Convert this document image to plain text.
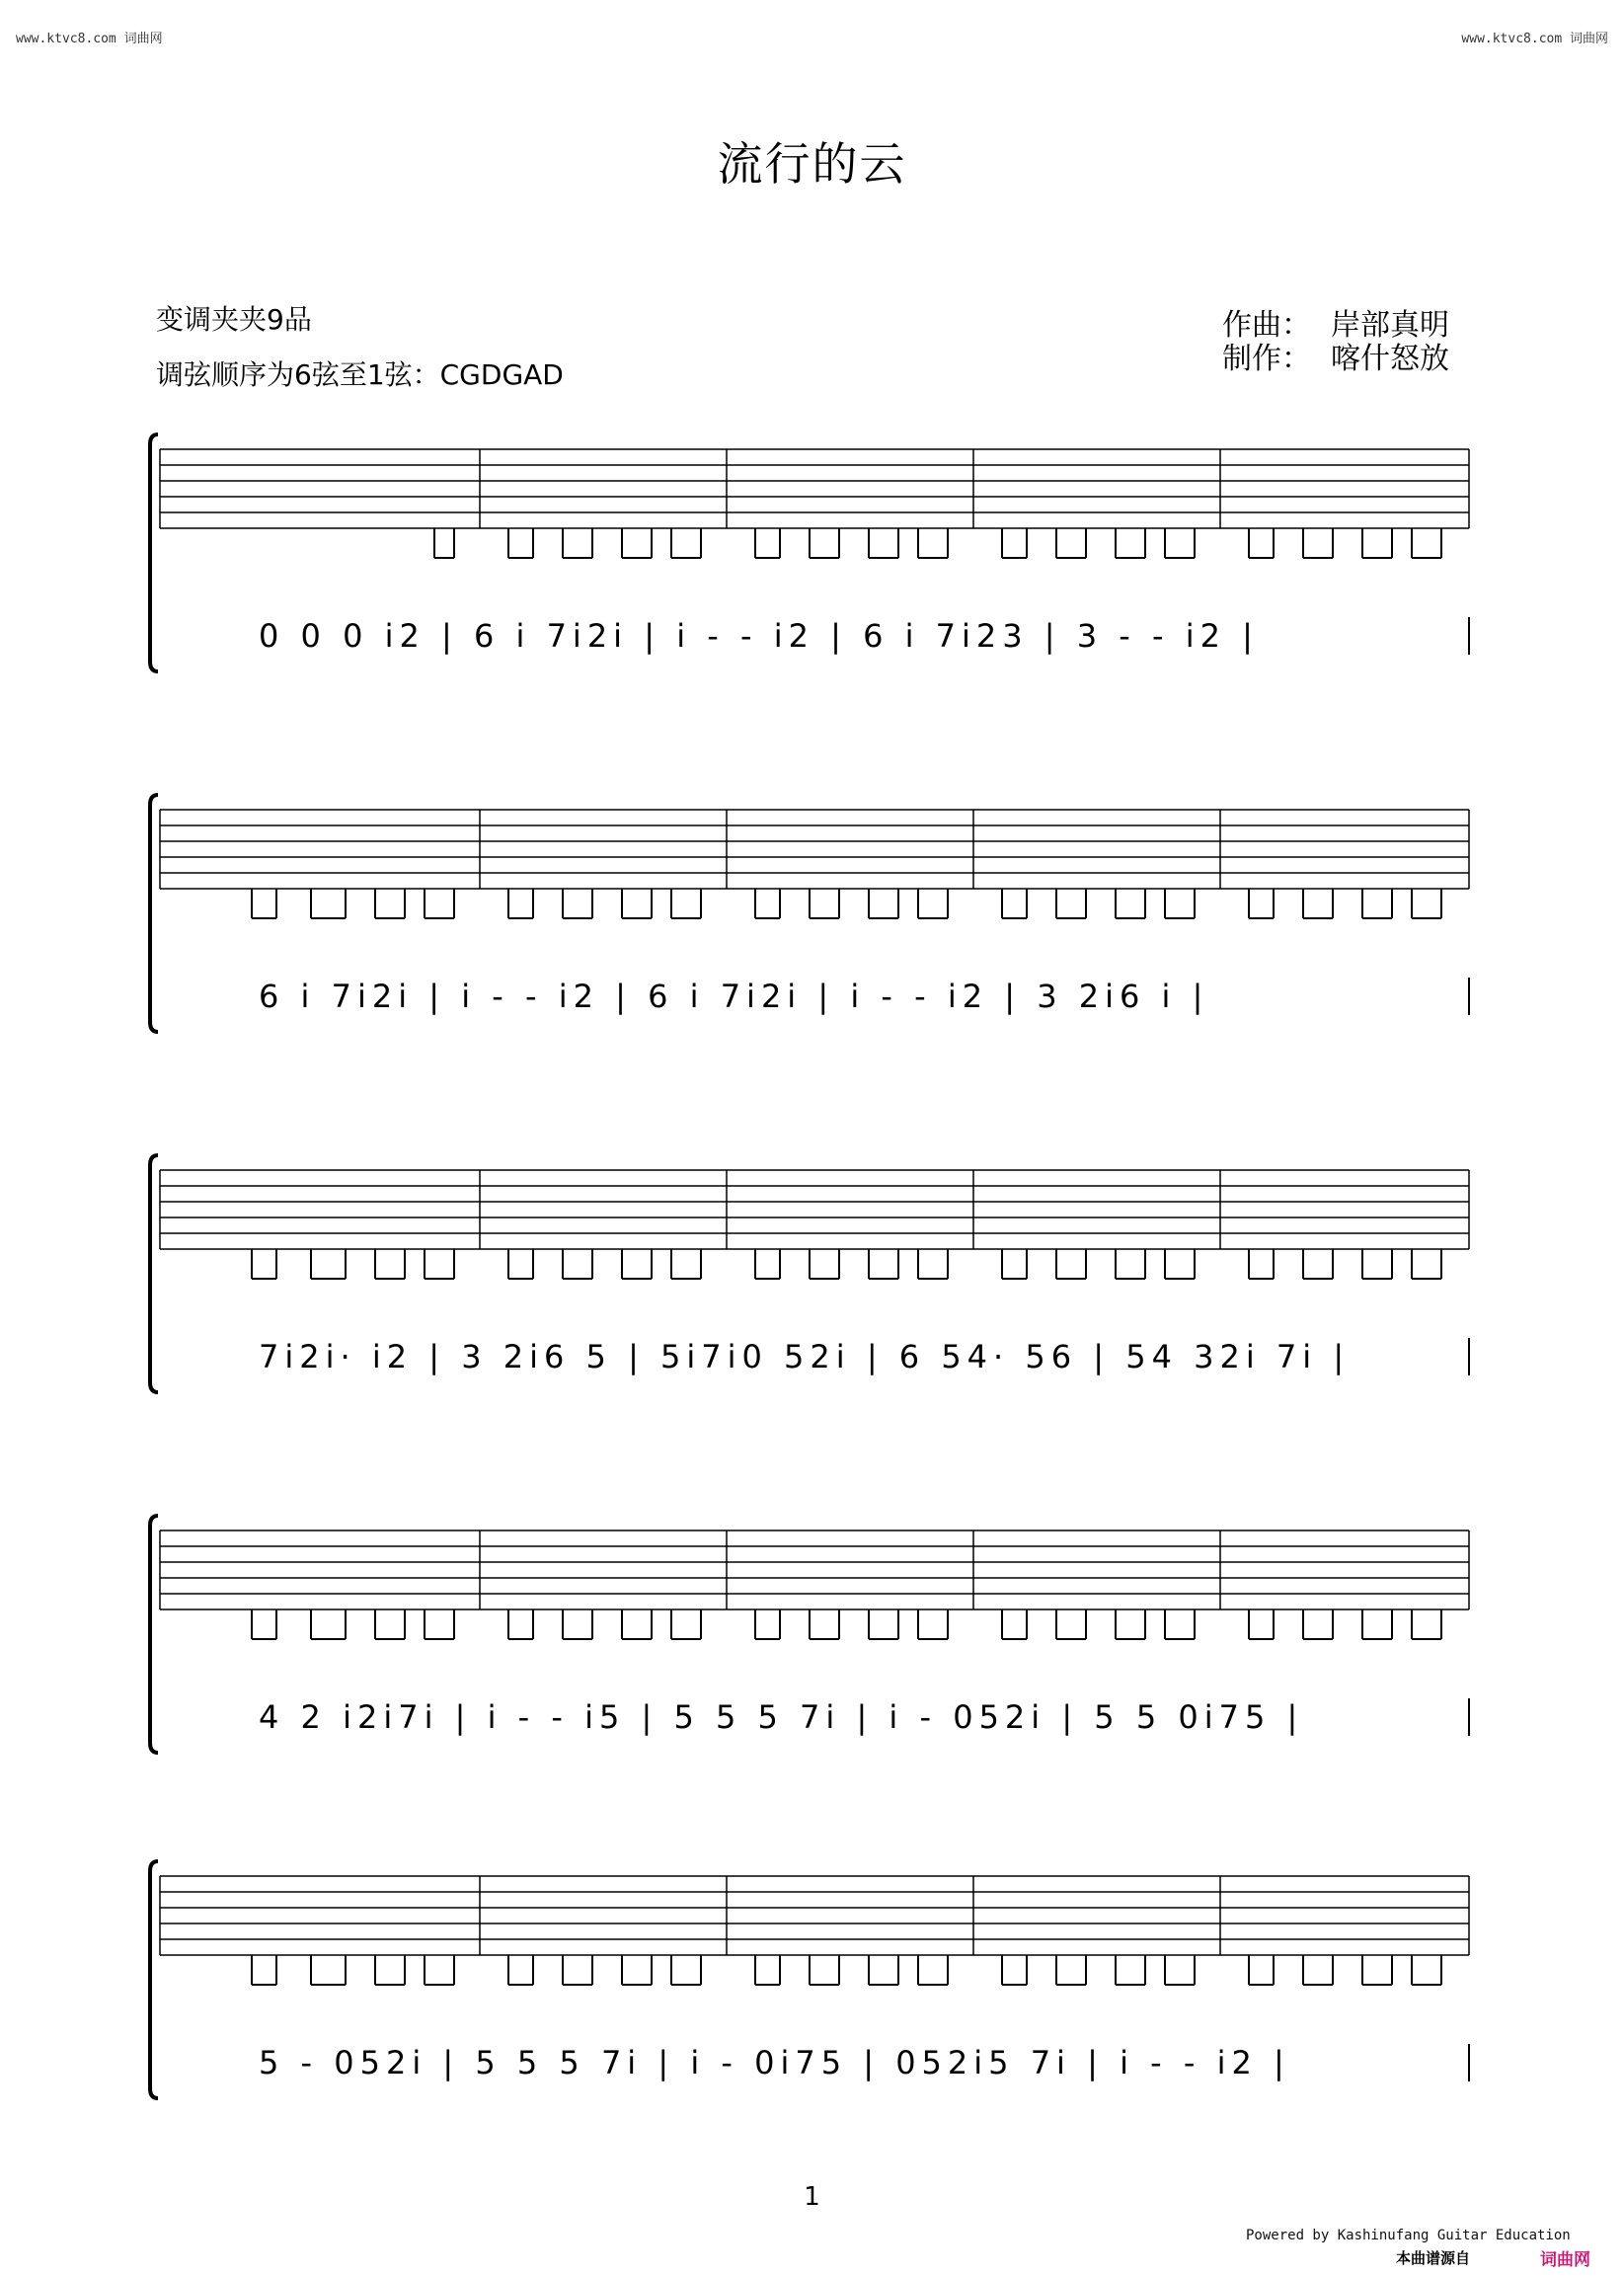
www.ktvc8.com 词曲网	www.ktvc8.com 词曲网
流行的云
变调夹夹9品
调弦顺序为6弦至1弦：CGDGAD
作曲： 岸部真明
制作： 喀什怒放
0 0 0 i2 | 6 i 7i2i | i - - i2 | 6 i 7i23 | 3 - - i2 |
6 i 7i2i | i - - i2 | 6 i 7i2i | i - - i2 | 3 2i6 i |
7i2i· i2 | 3 2i6 5 | 5i7i0 52i | 6 54· 56 | 54 32i 7i |
4 2 i2i7i | i - - i5 | 5 5 5 7i | i - 052i | 5 5 0i75 |
5 - 052i | 5 5 5 7i | i - 0i75 | 052i5 7i | i - - i2 |
1
Powered by Kashinufang Guitar Education
本曲谱源自	词曲网
